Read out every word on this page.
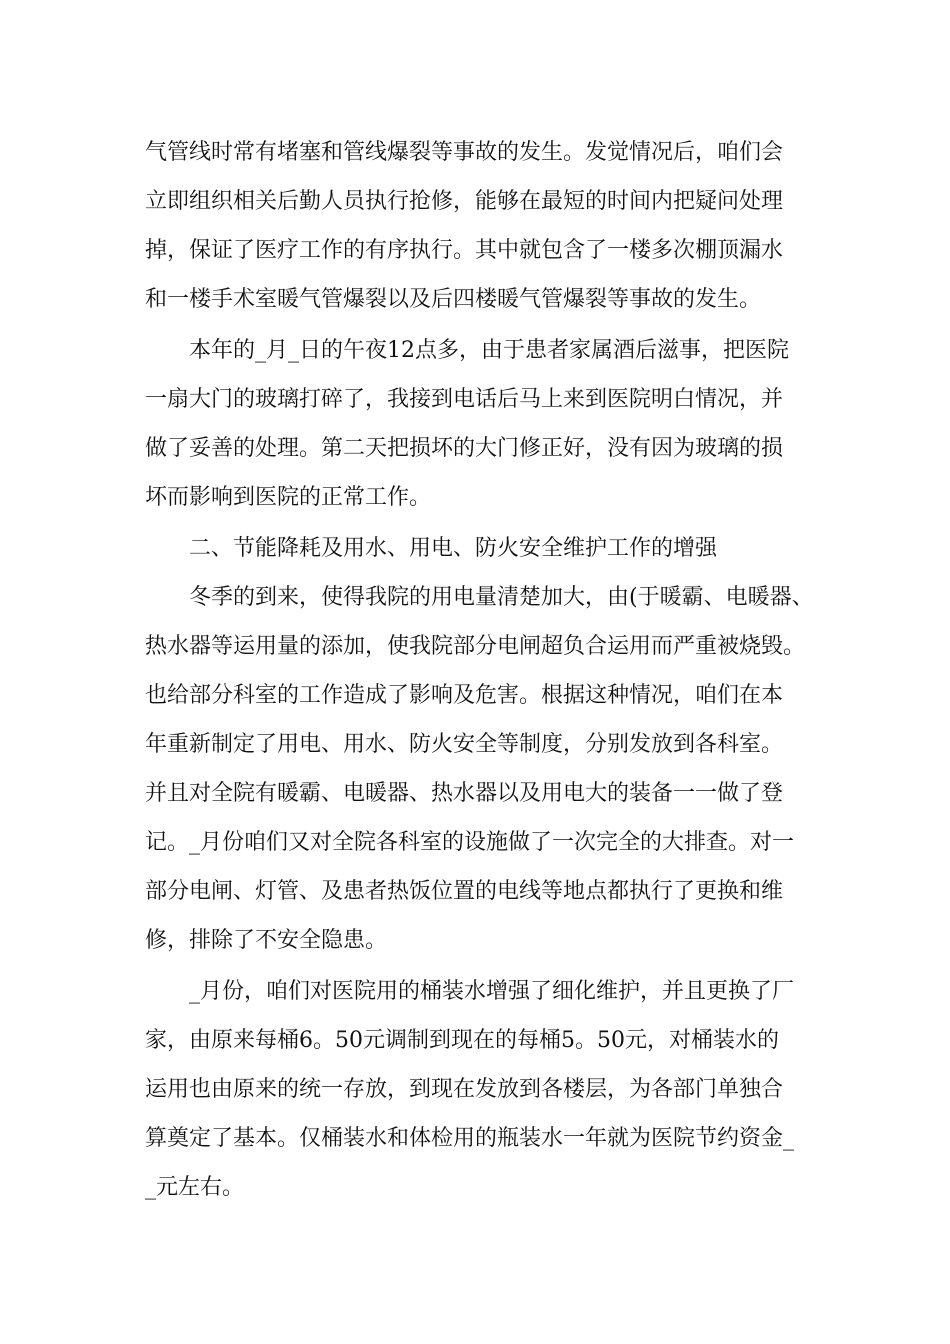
气管线时常有堵塞和管线爆裂等事故的发生。发觉情况后，咱们会
立即组织相关后勤人员执行抢修，能够在最短的时间内把疑问处理
掉，保证了医疗工作的有序执行。其中就包含了一楼多次棚顶漏水
和一楼手术室暖气管爆裂以及后四楼暖气管爆裂等事故的发生。
本年的_月_日的午夜12点多，由于患者家属酒后滋事，把医院
一扇大门的玻璃打碎了，我接到电话后马上来到医院明白情况，并
做了妥善的处理。第二天把损坏的大门修正好，没有因为玻璃的损
坏而影响到医院的正常工作。
二、节能降耗及用水、用电、防火安全维护工作的增强
冬季的到来，使得我院的用电量清楚加大，由(于暖霸、电暖器、
热水器等运用量的添加，使我院部分电闸超负合运用而严重被烧毁。
也给部分科室的工作造成了影响及危害。根据这种情况，咱们在本
年重新制定了用电、用水、防火安全等制度，分别发放到各科室。
并且对全院有暖霸、电暖器、热水器以及用电大的装备一一做了登
记。_月份咱们又对全院各科室的设施做了一次完全的大排查。对一
部分电闸、灯管、及患者热饭位置的电线等地点都执行了更换和维
修，排除了不安全隐患。
_月份，咱们对医院用的桶装水增强了细化维护，并且更换了厂
家，由原来每桶6。50元调制到现在的每桶5。50元，对桶装水的
运用也由原来的统一存放，到现在发放到各楼层，为各部门单独合
算奠定了基本。仅桶装水和体检用的瓶装水一年就为医院节约资金_
_元左右。
